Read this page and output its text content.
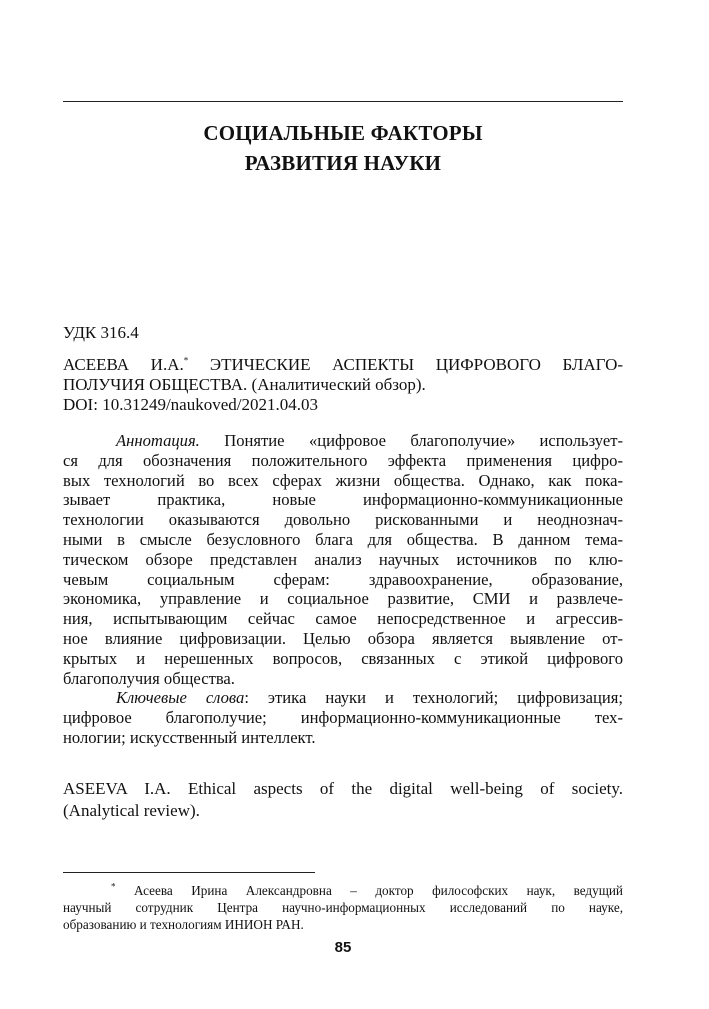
СОЦИАЛЬНЫЕ ФАКТОРЫ
РАЗВИТИЯ НАУКИ
УДК 316.4
АСЕЕВА И.А.* ЭТИЧЕСКИЕ АСПЕКТЫ ЦИФРОВОГО БЛАГО-
ПОЛУЧИЯ ОБЩЕСТВА. (Аналитический обзор).
DOI: 10.31249/naukoved/2021.04.03
Аннотация. Понятие «цифровое благополучие» использует-
ся для обозначения положительного эффекта применения цифро-
вых технологий во всех сферах жизни общества. Однако, как пока-
зывает практика, новые информационно-коммуникационные
технологии оказываются довольно рискованными и неоднознач-
ными в смысле безусловного блага для общества. В данном тема-
тическом обзоре представлен анализ научных источников по клю-
чевым социальным сферам: здравоохранение, образование,
экономика, управление и социальное развитие, СМИ и развлече-
ния, испытывающим сейчас самое непосредственное и агрессив-
ное влияние цифровизации. Целью обзора является выявление от-
крытых и нерешенных вопросов, связанных с этикой цифрового
благополучия общества.
Ключевые слова: этика науки и технологий; цифровизация;
цифровое благополучие; информационно-коммуникационные тех-
нологии; искусственный интеллект.
ASEEVA I.A. Ethical aspects of the digital well-being of society.
(Analytical review).
* Асеева Ирина Александровна – доктор философских наук, ведущий
научный сотрудник Центра научно-информационных исследований по науке,
образованию и технологиям ИНИОН РАН.
85
